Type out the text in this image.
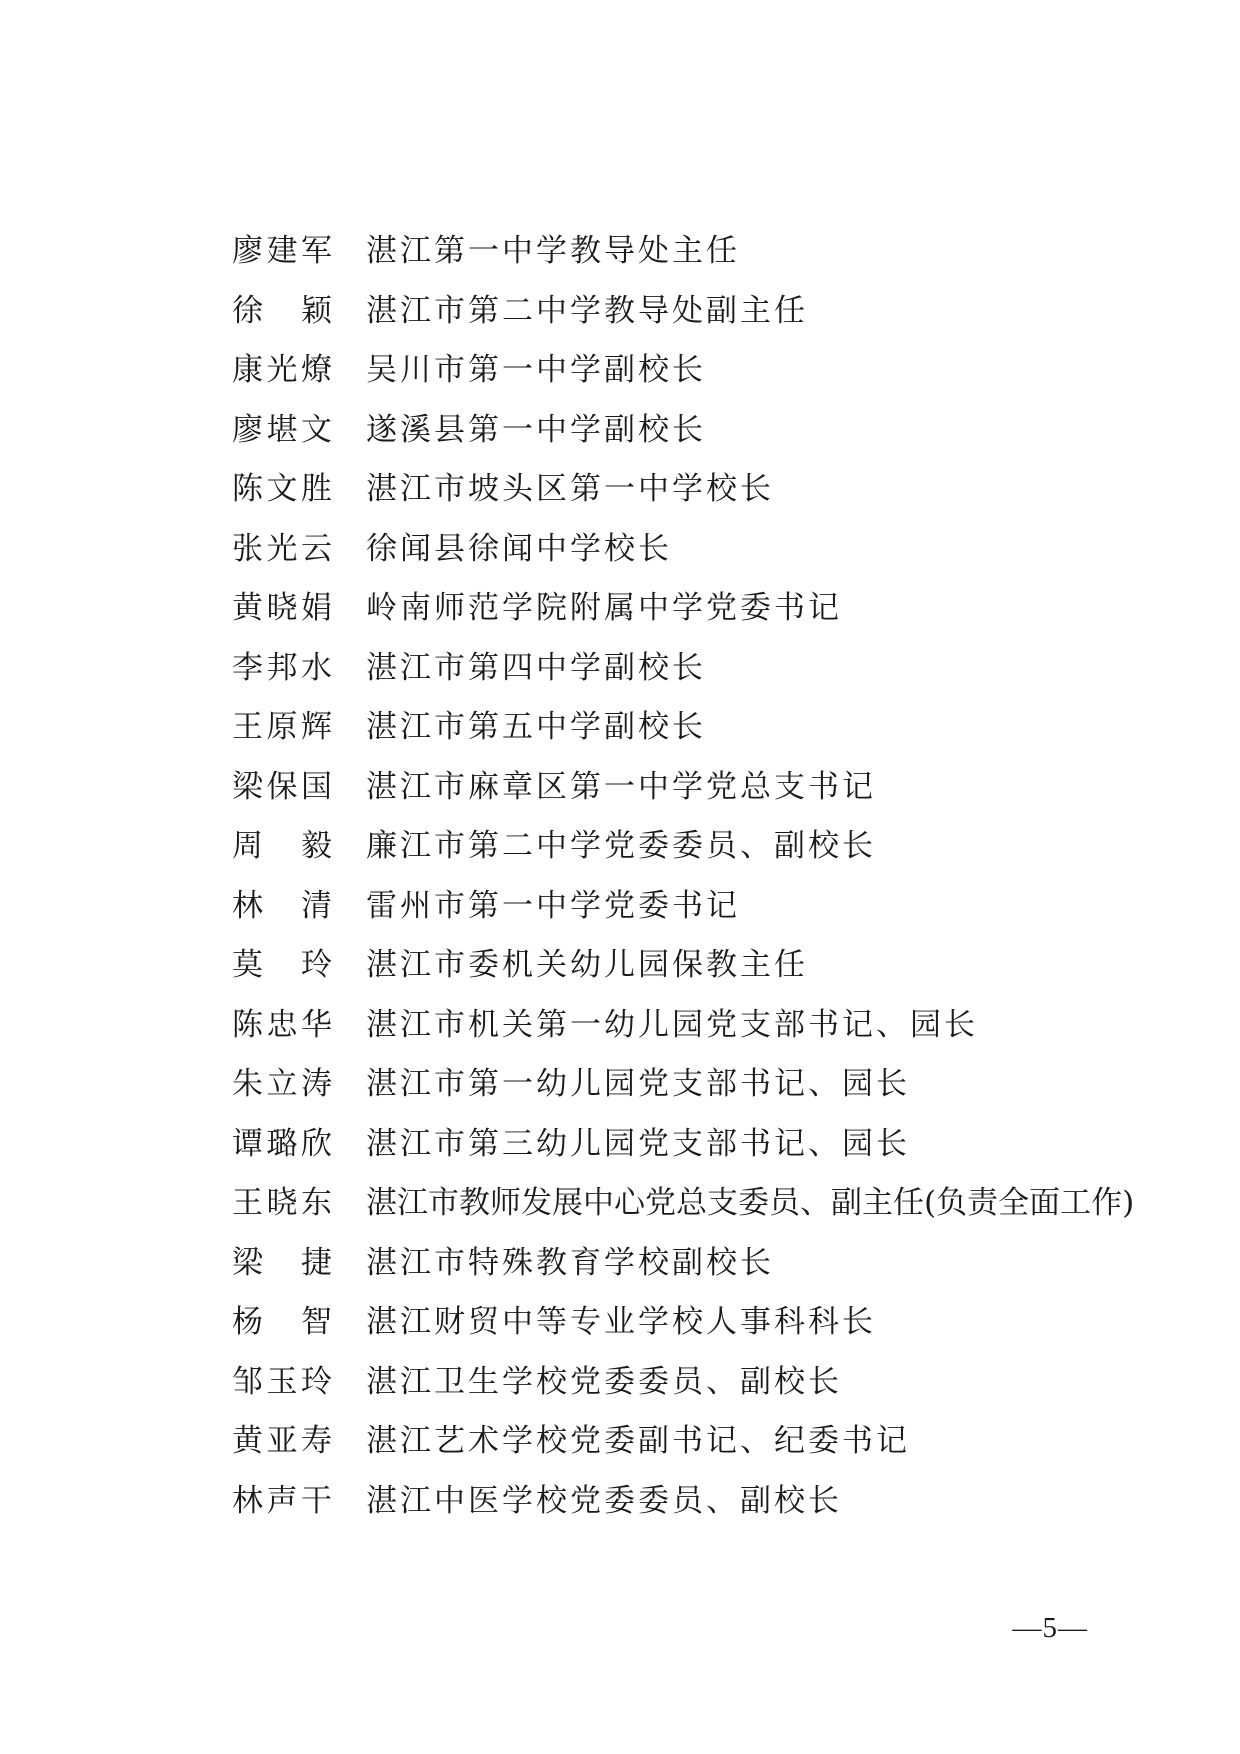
廖 建 军 湛江第一中学教导处主任
徐 颖 湛江市第二中学教导处副主任
康 光 燎 吴川市第一中学副校长
廖 堪 文 遂溪县第一中学副校长
陈 文 胜 湛江市坡头区第一中学校长
张 光 云 徐闻县徐闻中学校长
黄 晓 娟 岭南师范学院附属中学党委书记
李 邦 水 湛江市第四中学副校长
王 原 辉 湛江市第五中学副校长
梁 保 国 湛江市麻章区第一中学党总支书记
周 毅 廉江市第二中学党委委员、副校长
林 清 雷州市第一中学党委书记
莫 玲 湛江市委机关幼儿园保教主任
陈 忠 华 湛江市机关第一幼儿园党支部书记、园长
朱 立 涛 湛江市第一幼儿园党支部书记、园长
谭 璐 欣 湛江市第三幼儿园党支部书记、园长
王 晓 东 湛江市教师发展中心党总支委员、副主任(负责全面工作)
梁 捷 湛江市特殊教育学校副校长
杨 智 湛江财贸中等专业学校人事科科长
邹 玉 玲 湛江卫生学校党委委员、副校长
黄 亚 寿 湛江艺术学校党委副书记、纪委书记
林 声 干 湛江中医学校党委委员、副校长
—5—
